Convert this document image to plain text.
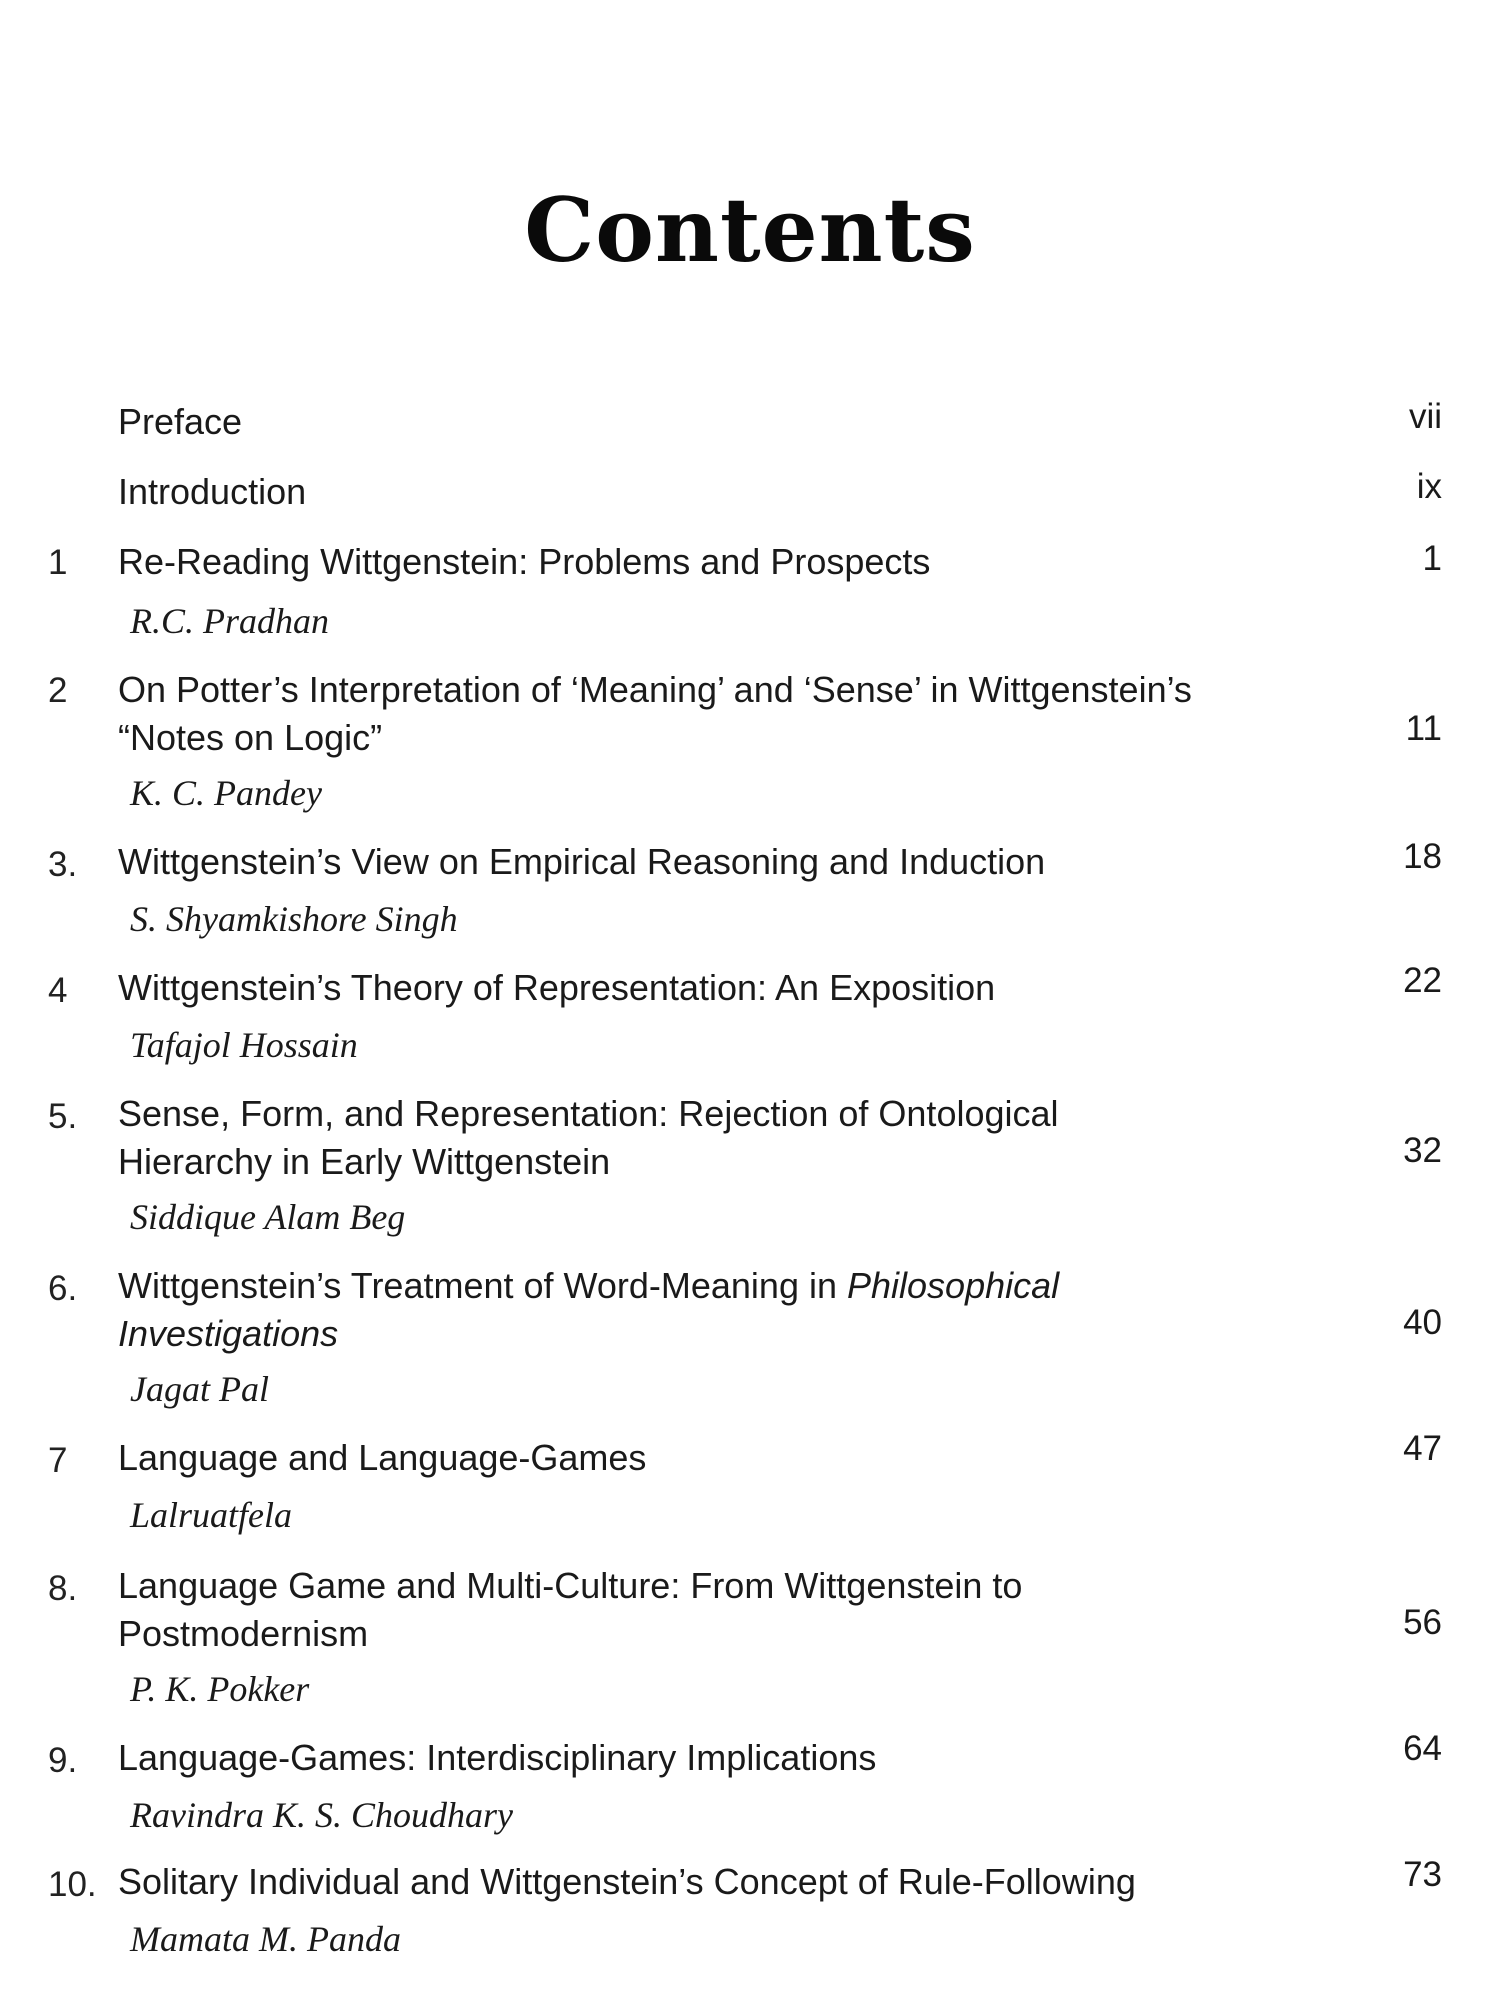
Contents
Preface	vii
Introduction	ix
1 Re-Reading Wittgenstein: Problems and Prospects
R.C. Pradhan
1
2 On Potter’s Interpretation of ‘Meaning’ and ‘Sense’ in Wittgenstein’s
“Notes on Logic”
K. C. Pandey
11
3. Wittgenstein’s View on Empirical Reasoning and Induction
S. Shyamkishore Singh
18
4 Wittgenstein’s Theory of Representation: An Exposition
Tafajol Hossain
22
5. Sense, Form, and Representation: Rejection of Ontological
Hierarchy in Early Wittgenstein
Siddique Alam Beg
32
6. Wittgenstein’s Treatment of Word-Meaning in Philosophical
Investigations
Jagat Pal
40
7 Language and Language-Games
Lalruatfela
47
8. Language Game and Multi-Culture: From Wittgenstein to
Postmodernism
P. K. Pokker
56
9. Language-Games: Interdisciplinary Implications
Ravindra K. S. Choudhary
64
10. Solitary Individual and Wittgenstein’s Concept of Rule-Following
Mamata M. Panda
73
